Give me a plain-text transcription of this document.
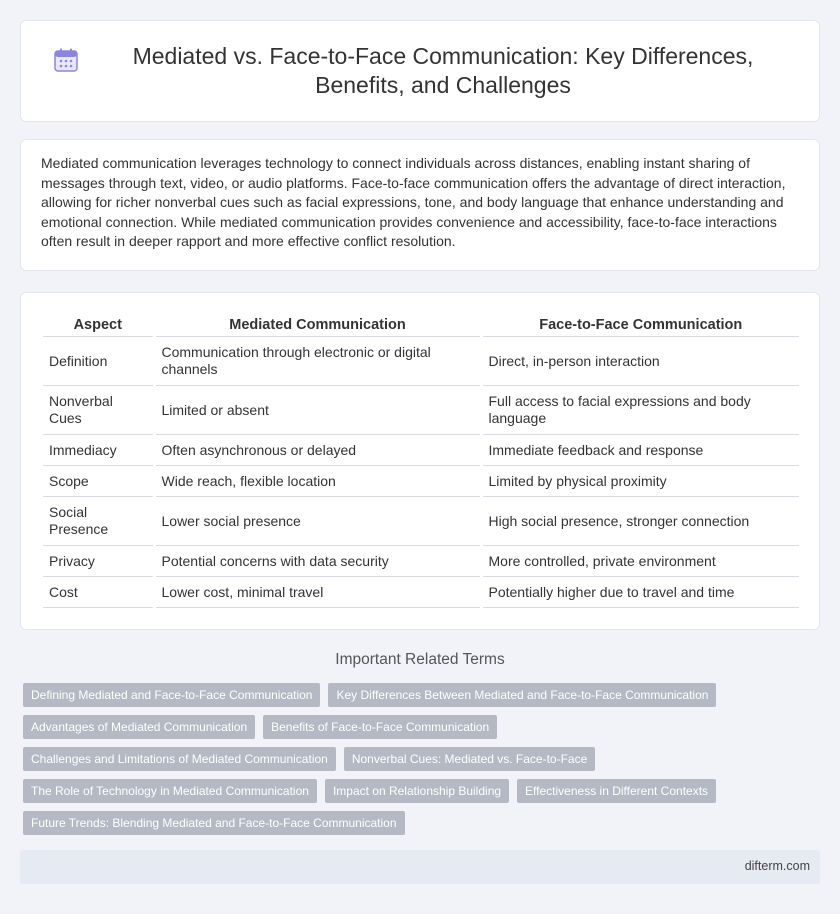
Mediated vs. Face-to-Face Communication: Key Differences, Benefits, and Challenges

Mediated communication leverages technology to connect individuals across distances, enabling instant sharing of messages through text, video, or audio platforms. Face-to-face communication offers the advantage of direct interaction, allowing for richer nonverbal cues such as facial expressions, tone, and body language that enhance understanding and emotional connection. While mediated communication provides convenience and accessibility, face-to-face interactions often result in deeper rapport and more effective conflict resolution.

Aspect	Mediated Communication	Face-to-Face Communication
Definition	Communication through electronic or digital channels	Direct, in-person interaction
Nonverbal Cues	Limited or absent	Full access to facial expressions and body language
Immediacy	Often asynchronous or delayed	Immediate feedback and response
Scope	Wide reach, flexible location	Limited by physical proximity
Social Presence	Lower social presence	High social presence, stronger connection
Privacy	Potential concerns with data security	More controlled, private environment
Cost	Lower cost, minimal travel	Potentially higher due to travel and time
Important Related Terms
Defining Mediated and Face-to-Face Communication	Key Differences Between Mediated and Face-to-Face Communication
Advantages of Mediated Communication	Benefits of Face-to-Face Communication
Challenges and Limitations of Mediated Communication	Nonverbal Cues: Mediated vs. Face-to-Face
The Role of Technology in Mediated Communication	Impact on Relationship Building	Effectiveness in Different Contexts
Future Trends: Blending Mediated and Face-to-Face Communication
difterm.com
